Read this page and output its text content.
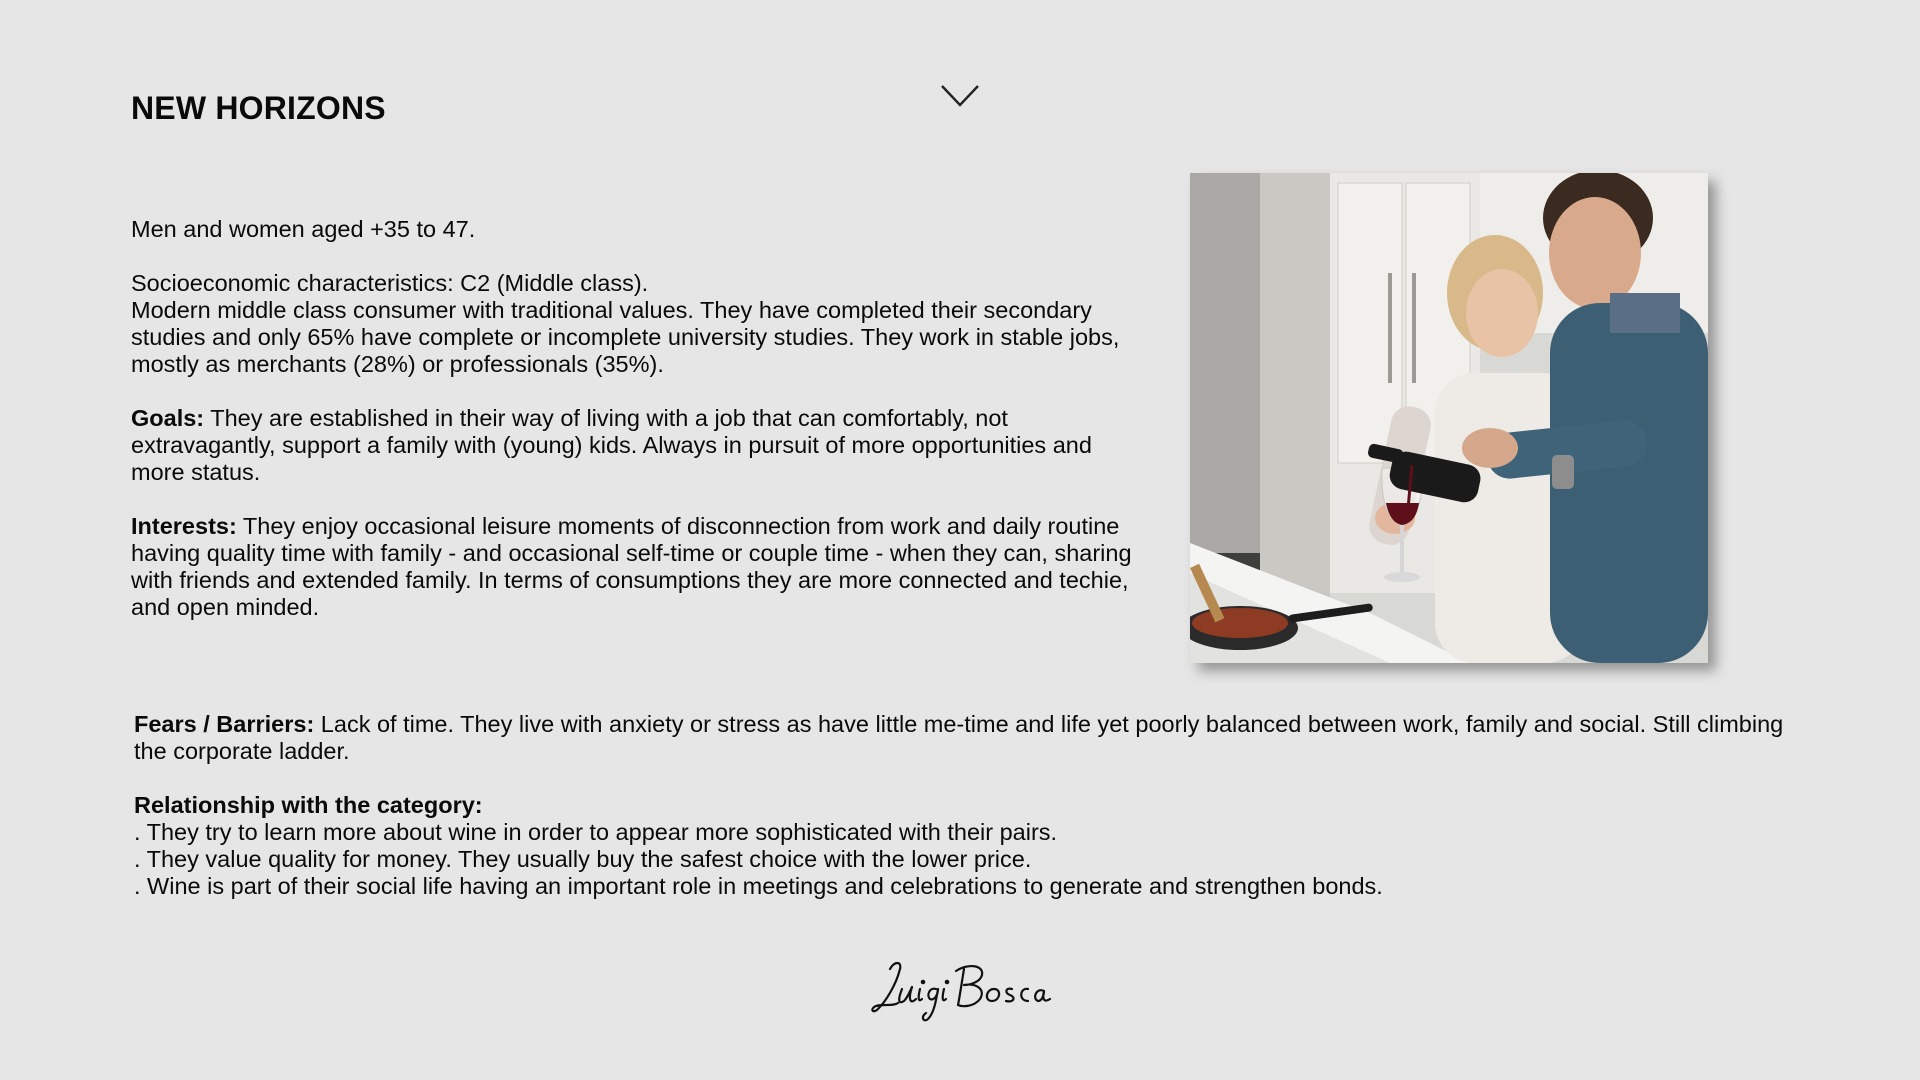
NEW HORIZONS

Men and women aged +35 to 47.

Socioeconomic characteristics: C2 (Middle class).

Modern middle class consumer with traditional values. They have completed their secondary studies and only 65% have complete or incomplete university studies. They work in stable jobs, mostly as merchants (28%) or professionals (35%).

Goals: They are established in their way of living with a job that can comfortably, not extravagantly, support a family with (young) kids. Always in pursuit of more opportunities and more status.

Interests: They enjoy occasional leisure moments of disconnection from work and daily routine having quality time with family - and occasional self-time or couple time - when they can, sharing with friends and extended family. In terms of consumptions they are more connected and techie, and open minded.

Fears / Barriers: Lack of time. They live with anxiety or stress as have little me-time and life yet poorly balanced between work, family and social. Still climbing the corporate ladder.

Relationship with the category:

. They try to learn more about wine in order to appear more sophisticated with their pairs.

. They value quality for money. They usually buy the safest choice with the lower price.

. Wine is part of their social life having an important role in meetings and celebrations to generate and strengthen bonds.
